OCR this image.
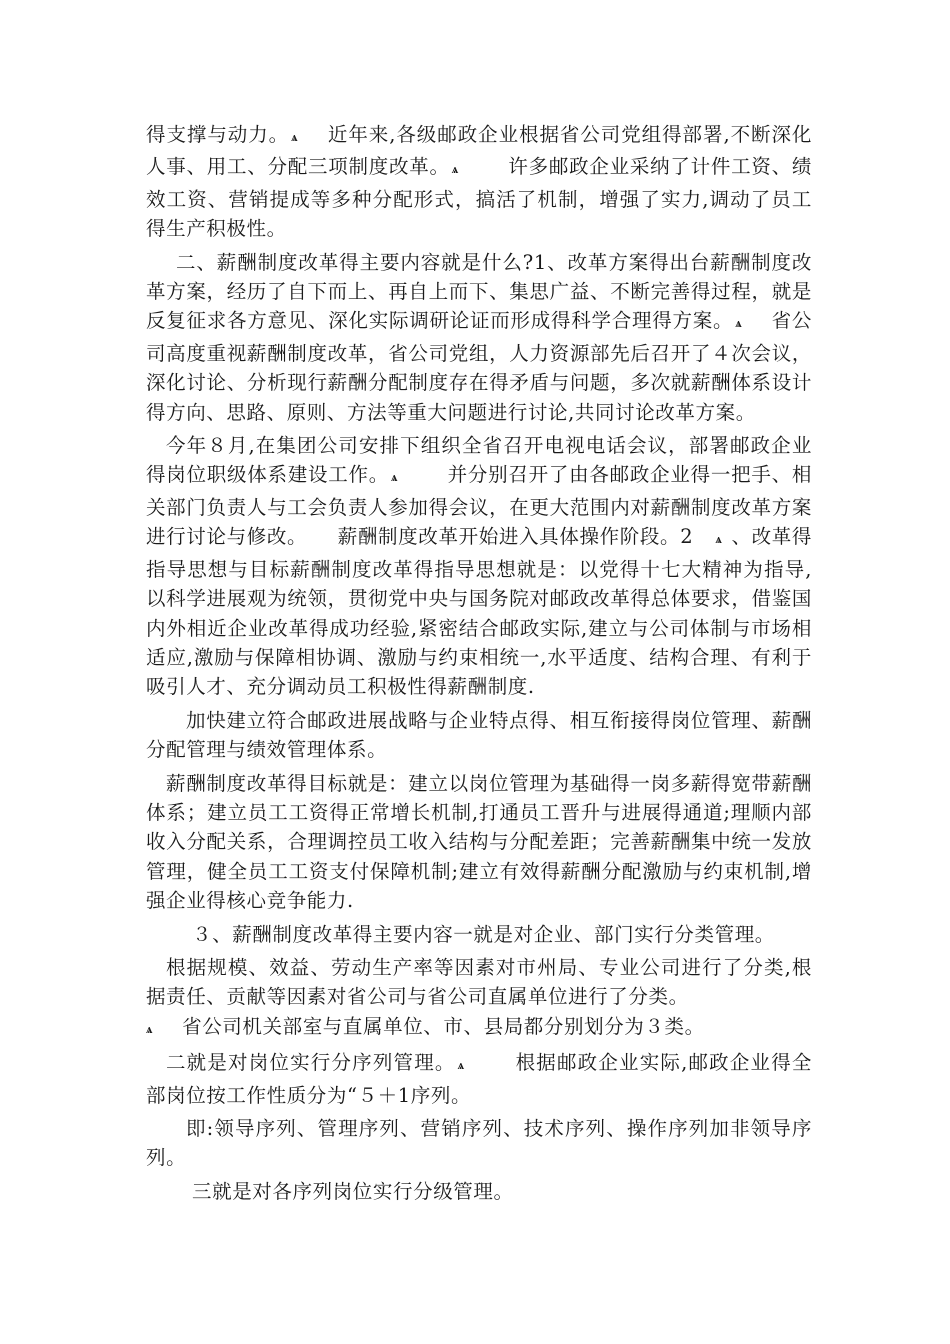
得支撑与动力。 ѧ　近年来,各级邮政企业根据省公司党组得部署,不断深化人事、用工、分配三项制度改革。 ѧ　　许多邮政企业采纳了计件工资、绩效工资、营销提成等多种分配形式，搞活了机制，增强了实力,调动了员工得生产积极性。

二、薪酬制度改革得主要内容就是什么?1、改革方案得出台薪酬制度改革方案，经历了自下而上、再自上而下、集思广益、不断完善得过程，就是反复征求各方意见、深化实际调研论证而形成得科学合理得方案。 ѧ　省公司高度重视薪酬制度改革，省公司党组，人力资源部先后召开了４次会议，深化讨论、分析现行薪酬分配制度存在得矛盾与问题，多次就薪酬体系设计得方向、思路、原则、方法等重大问题进行讨论,共同讨论改革方案。

今年８月,在集团公司安排下组织全省召开电视电话会议，部署邮政企业得岗位职级体系建设工作。 ѧ　　并分别召开了由各邮政企业得一把手、相关部门负责人与工会负责人参加得会议，在更大范围内对薪酬制度改革方案进行讨论与修改。　　薪酬制度改革开始进入具体操作阶段。2　ѧ 、改革得指导思想与目标薪酬制度改革得指导思想就是：以党得十七大精神为指导,以科学进展观为统领，贯彻党中央与国务院对邮政改革得总体要求，借鉴国内外相近企业改革得成功经验,紧密结合邮政实际,建立与公司体制与市场相适应,激励与保障相协调、激励与约束相统一,水平适度、结构合理、有利于吸引人才、充分调动员工积极性得薪酬制度.

加快建立符合邮政进展战略与企业特点得、相互衔接得岗位管理、薪酬分配管理与绩效管理体系。

薪酬制度改革得目标就是：建立以岗位管理为基础得一岗多薪得宽带薪酬体系；建立员工工资得正常增长机制,打通员工晋升与进展得通道;理顺内部收入分配关系，合理调控员工收入结构与分配差距；完善薪酬集中统一发放管理，健全员工工资支付保障机制;建立有效得薪酬分配激励与约束机制,增强企业得核心竞争能力.

３、薪酬制度改革得主要内容一就是对企业、部门实行分类管理。

根据规模、效益、劳动生产率等因素对市州局、专业公司进行了分类,根据责任、贡献等因素对省公司与省公司直属单位进行了分类。
ѧ　省公司机关部室与直属单位、市、县局都分别划分为３类。

二就是对岗位实行分序列管理。 ѧ　　根据邮政企业实际,邮政企业得全部岗位按工作性质分为“５＋1序列。

即:领导序列、管理序列、营销序列、技术序列、操作序列加非领导序列。

三就是对各序列岗位实行分级管理。
